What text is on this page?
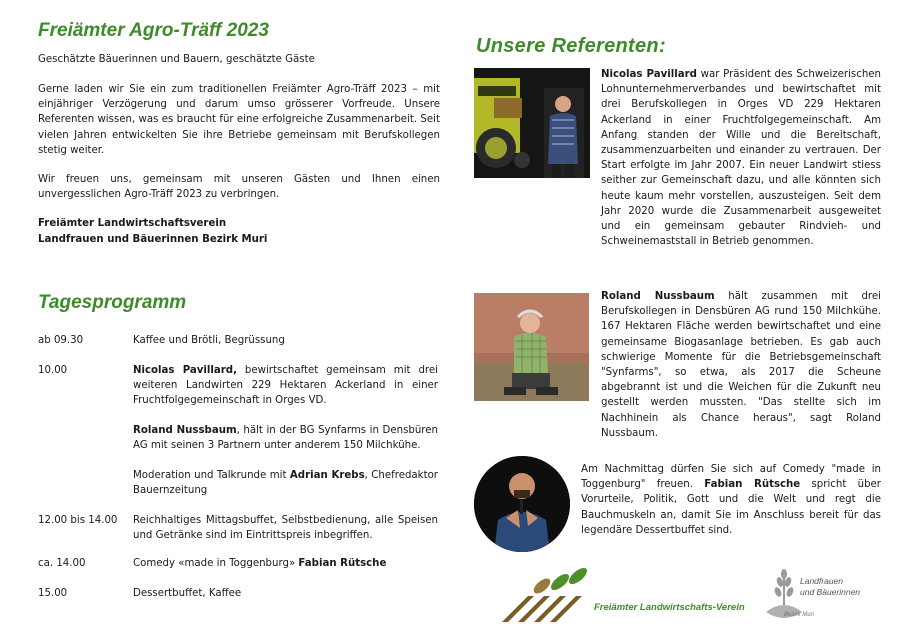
Freiämter Agro-Träff 2023
Geschätzte Bäuerinnen und Bauern, geschätzte Gäste
Gerne laden wir Sie ein zum traditionellen Freiämter Agro-Träff 2023 – mit einjähriger Verzögerung und darum umso grösserer Vorfreude. Unsere Referenten wissen, was es braucht für eine erfolgreiche Zusammenarbeit. Seit vielen Jahren entwickelten Sie ihre Betriebe gemeinsam mit Berufskollegen stetig weiter.
Wir freuen uns, gemeinsam mit unseren Gästen und Ihnen einen unvergesslichen Agro-Träff 2023 zu verbringen.
Freiämter Landwirtschaftsverein
Landfrauen und Bäuerinnen Bezirk Muri
Tagesprogramm
ab 09.30	Kaffee und Brötli, Begrüssung
10.00	Nicolas Pavillard, bewirtschaftet gemeinsam mit drei weiteren Landwirten 229 Hektaren Ackerland in einer Fruchtfolgegemeinschaft in Orges VD.
Roland Nussbaum, hält in der BG Synfarms in Densbüren AG mit seinen 3 Partnern unter anderem 150 Milchkühe.
Moderation und Talkrunde mit Adrian Krebs, Chefredaktor Bauernzeitung
12.00 bis 14.00 Reichhaltiges Mittagsbuffet, Selbstbedienung, alle Speisen und Getränke sind im Eintrittspreis inbegriffen.
ca. 14.00	Comedy «made in Toggenburg» Fabian Rütsche
15.00	Dessertbuffet, Kaffee
Unsere Referenten:
Nicolas Pavillard war Präsident des Schweizerischen Lohnunternehmerverbandes und bewirtschaftet mit drei Berufskollegen in Orges VD 229 Hektaren Ackerland in einer Fruchtfolgegemeinschaft. Am Anfang standen der Wille und die Bereitschaft, zusammenzuarbeiten und einander zu vertrauen. Der Start erfolgte im Jahr 2007. Ein neuer Landwirt stiess seither zur Gemeinschaft dazu, und alle könnten sich heute kaum mehr vorstellen, auszusteigen. Seit dem Jahr 2020 wurde die Zusammenarbeit ausgeweitet und ein gemeinsam gebauter Rindvieh- und Schweinemaststall in Betrieb genommen.
Roland Nussbaum hält zusammen mit drei Berufskollegen in Densbüren AG rund 150 Milchkühe. 167 Hektaren Fläche werden bewirtschaftet und eine gemeinsame Biogasanlage betrieben. Es gab auch schwierige Momente für die Betriebsgemeinschaft "Synfarms", so etwa, als 2017 die Scheune abgebrannt ist und die Weichen für die Zukunft neu gestellt werden mussten. "Das stellte sich im Nachhinein als Chance heraus", sagt Roland Nussbaum.
Am Nachmittag dürfen Sie sich auf Comedy "made in Toggenburg" freuen. Fabian Rütsche spricht über Vorurteile, Politik, Gott und die Welt und regt die Bauchmuskeln an, damit Sie im Anschluss bereit für das legendäre Dessertbuffet sind.
Freiämter Landwirtschafts-Verein
Landfrauen
und Bäuerinnen
Bezirk Muri
